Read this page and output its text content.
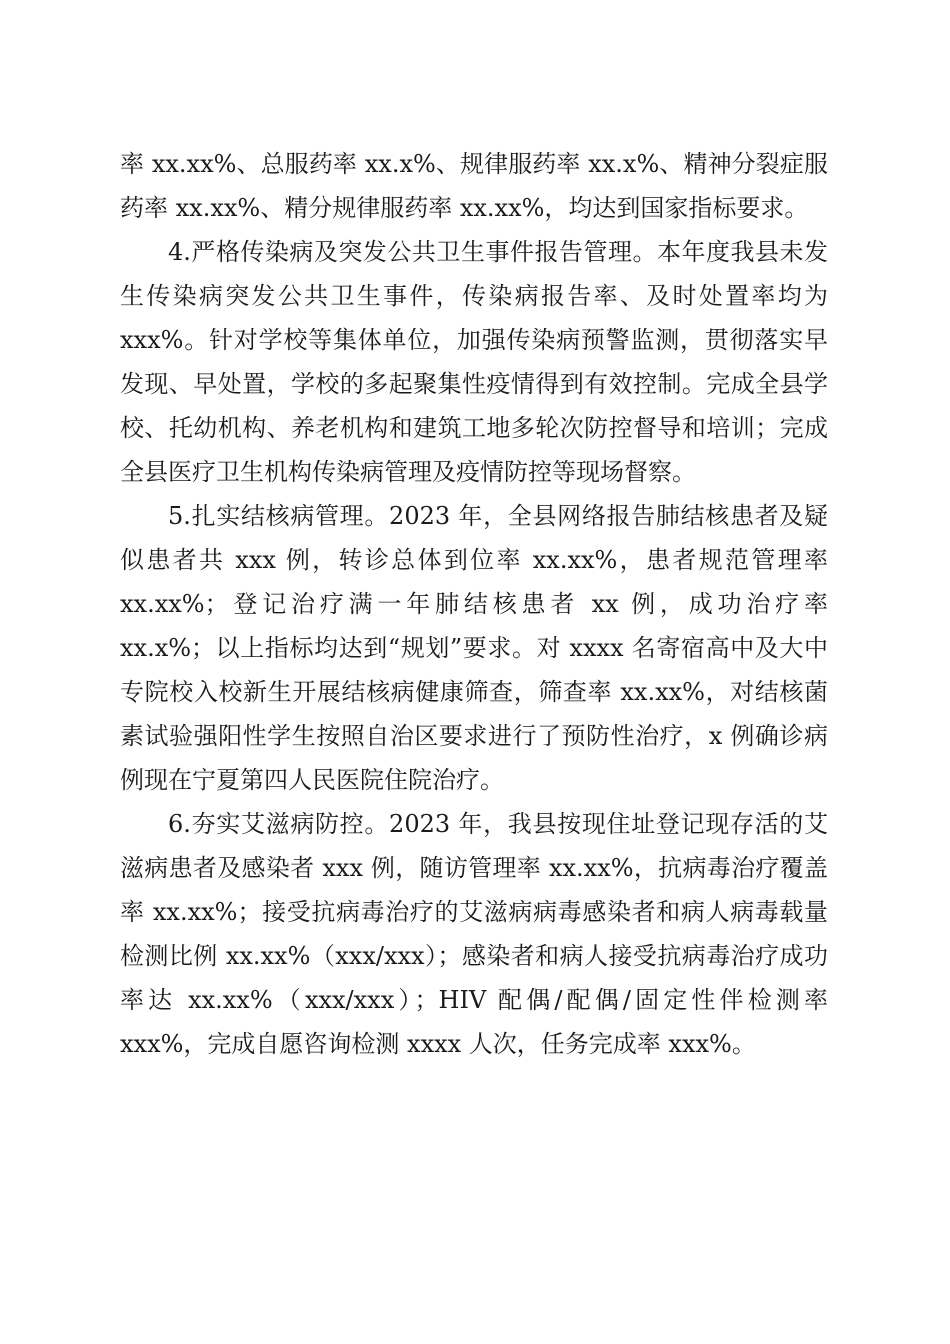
率 xx.xx%、总服药率 xx.x%、规律服药率 xx.x%、精神分裂症服药率 xx.xx%、精分规律服药率 xx.xx%，均达到国家指标要求。

4.严格传染病及突发公共卫生事件报告管理。本年度我县未发生传染病突发公共卫生事件，传染病报告率、及时处置率均为 xxx%。针对学校等集体单位，加强传染病预警监测，贯彻落实早发现、早处置，学校的多起聚集性疫情得到有效控制。完成全县学校、托幼机构、养老机构和建筑工地多轮次防控督导和培训；完成全县医疗卫生机构传染病管理及疫情防控等现场督察。

5.扎实结核病管理。2023 年，全县网络报告肺结核患者及疑似患者共 xxx 例，转诊总体到位率 xx.xx%，患者规范管理率 xx.xx%；登记治疗满一年肺结核患者 xx 例，成功治疗率 xx.x%；以上指标均达到“规划”要求。对 xxxx 名寄宿高中及大中专院校入校新生开展结核病健康筛查，筛查率 xx.xx%，对结核菌素试验强阳性学生按照自治区要求进行了预防性治疗，x 例确诊病例现在宁夏第四人民医院住院治疗。

6.夯实艾滋病防控。2023 年，我县按现住址登记现存活的艾滋病患者及感染者 xxx 例，随访管理率 xx.xx%，抗病毒治疗覆盖率 xx.xx%；接受抗病毒治疗的艾滋病病毒感染者和病人病毒载量检测比例 xx.xx%（xxx/xxx）；感染者和病人接受抗病毒治疗成功率达 xx.xx%（xxx/xxx）；HIV 配偶/配偶/固定性伴检测率 xxx%，完成自愿咨询检测 xxxx 人次，任务完成率 xxx%。
